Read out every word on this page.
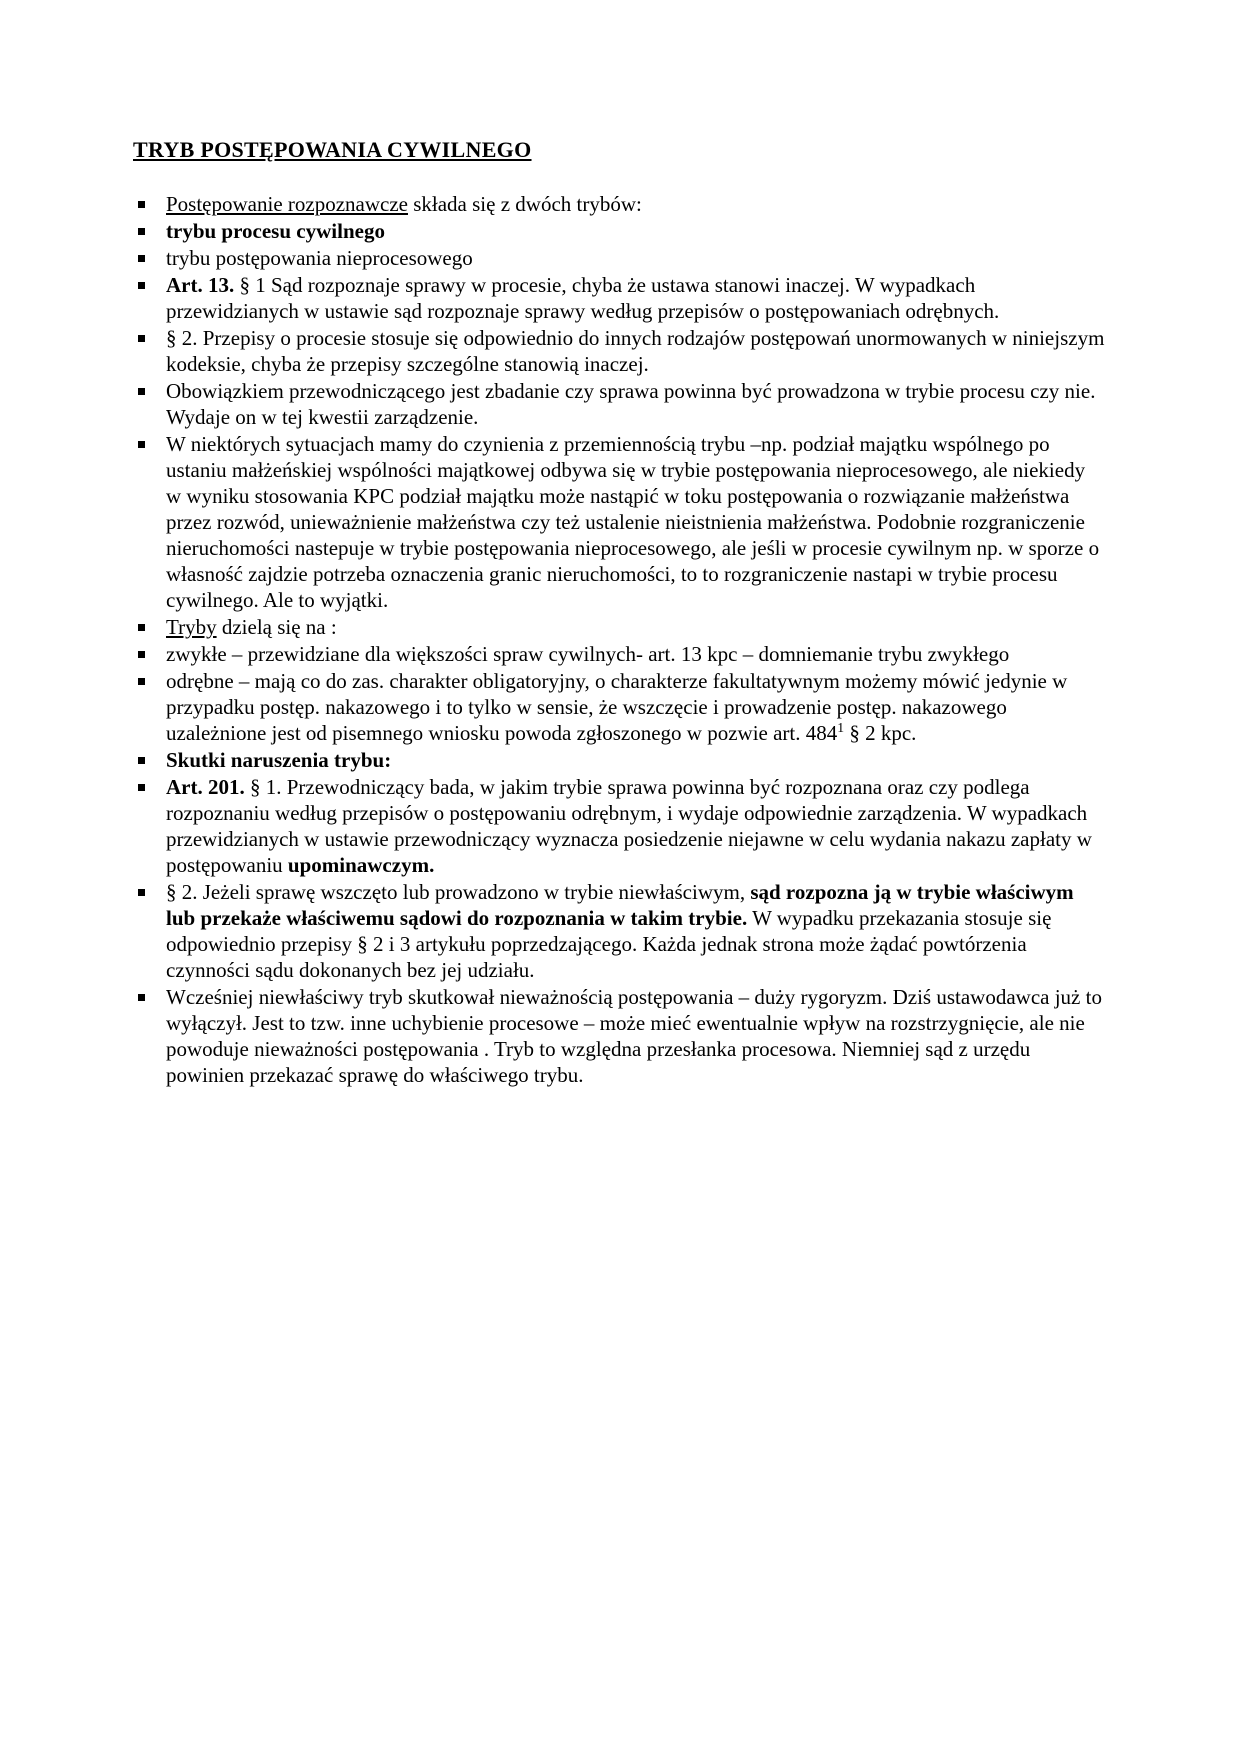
TRYB POSTĘPOWANIA CYWILNEGO
Postępowanie rozpoznawcze składa się z dwóch trybów:
trybu procesu cywilnego
trybu postępowania nieprocesowego
Art. 13. § 1 Sąd rozpoznaje sprawy w procesie, chyba że ustawa stanowi inaczej. W wypadkach przewidzianych w ustawie sąd rozpoznaje sprawy według przepisów o postępowaniach odrębnych.
§ 2. Przepisy o procesie stosuje się odpowiednio do innych rodzajów postępowań unormowanych w niniejszym kodeksie, chyba że przepisy szczególne stanowią inaczej.
Obowiązkiem przewodniczącego jest zbadanie czy sprawa powinna być prowadzona w trybie procesu czy nie. Wydaje on w tej kwestii zarządzenie.
W niektórych sytuacjach mamy do czynienia z przemiennością trybu –np. podział majątku wspólnego po ustaniu małżeńskiej wspólności majątkowej odbywa się w trybie postępowania nieprocesowego, ale niekiedy w wyniku stosowania KPC podział majątku może nastąpić w toku postępowania o rozwiązanie małżeństwa przez rozwód, unieważnienie małżeństwa czy też ustalenie nieistnienia małżeństwa. Podobnie rozgraniczenie nieruchomości nastepuje w trybie postępowania nieprocesowego, ale jeśli w procesie cywilnym np. w sporze o własność zajdzie potrzeba oznaczenia granic nieruchomości, to to rozgraniczenie nastapi w trybie procesu cywilnego. Ale to wyjątki.
Tryby dzielą się na :
zwykłe – przewidziane dla większości spraw cywilnych- art. 13 kpc – domniemanie trybu zwykłego
odrębne – mają co do zas. charakter obligatoryjny, o charakterze fakultatywnym możemy mówić jedynie w przypadku postęp. nakazowego i to tylko w sensie, że wszczęcie i prowadzenie postęp. nakazowego uzależnione jest od pisemnego wniosku powoda zgłoszonego w pozwie art. $484^1$ § 2 kpc.
Skutki naruszenia trybu:
Art. 201. § 1. Przewodniczący bada, w jakim trybie sprawa powinna być rozpoznana oraz czy podlega rozpoznaniu według przepisów o postępowaniu odrębnym, i wydaje odpowiednie zarządzenia. W wypadkach przewidzianych w ustawie przewodniczący wyznacza posiedzenie niejawne w celu wydania nakazu zapłaty w postępowaniu upominawczym.
§ 2. Jeżeli sprawę wszczęto lub prowadzono w trybie niewłaściwym, sąd rozpozna ją w trybie właściwym lub przekaże właściwemu sądowi do rozpoznania w takim trybie. W wypadku przekazania stosuje się odpowiednio przepisy § 2 i 3 artykułu poprzedzającego. Każda jednak strona może żądać powtórzenia czynności sądu dokonanych bez jej udziału.
Wcześniej niewłaściwy tryb skutkował nieważnością postępowania – duży rygoryzm. Dziś ustawodawca już to wyłączył. Jest to tzw. inne uchybienie procesowe – może mieć ewentualnie wpływ na rozstrzygnięcie, ale nie powoduje nieważności postępowania . Tryb to względna przesłanka procesowa. Niemniej sąd z urzędu powinien przekazać sprawę do właściwego trybu.
